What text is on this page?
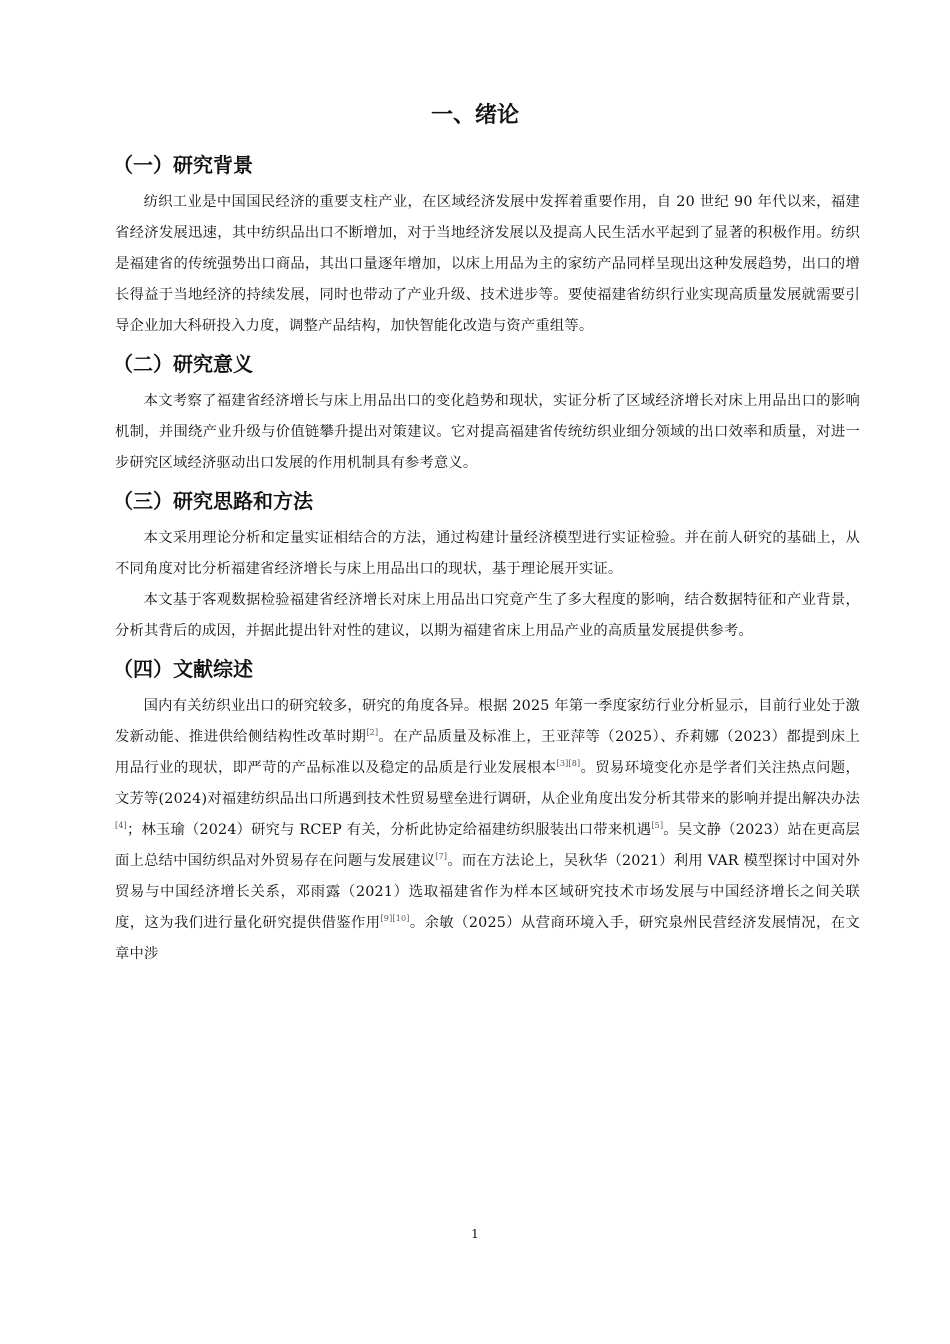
一、绪论
（一）研究背景

纺织工业是中国国民经济的重要支柱产业，在区域经济发展中发挥着重要作用，自 20 世纪 90 年代以来，福建省经济发展迅速，其中纺织品出口不断增加，对于当地经济发展以及提高人民生活水平起到了显著的积极作用。纺织是福建省的传统强势出口商品，其出口量逐年增加，以床上用品为主的家纺产品同样呈现出这种发展趋势，出口的增长得益于当地经济的持续发展，同时也带动了产业升级、技术进步等。要使福建省纺织行业实现高质量发展就需要引导企业加大科研投入力度，调整产品结构，加快智能化改造与资产重组等。

（二）研究意义

本文考察了福建省经济增长与床上用品出口的变化趋势和现状，实证分析了区域经济增长对床上用品出口的影响机制，并围绕产业升级与价值链攀升提出对策建议。它对提高福建省传统纺织业细分领域的出口效率和质量，对进一步研究区域经济驱动出口发展的作用机制具有参考意义。

（三）研究思路和方法

本文采用理论分析和定量实证相结合的方法，通过构建计量经济模型进行实证检验。并在前人研究的基础上，从不同角度对比分析福建省经济增长与床上用品出口的现状，基于理论展开实证。

本文基于客观数据检验福建省经济增长对床上用品出口究竟产生了多大程度的影响，结合数据特征和产业背景，分析其背后的成因，并据此提出针对性的建议，以期为福建省床上用品产业的高质量发展提供参考。

（四）文献综述

国内有关纺织业出口的研究较多，研究的角度各异。根据 2025 年第一季度家纺行业分析显示，目前行业处于激发新动能、推进供给侧结构性改革时期[2]。在产品质量及标准上，王亚萍等（2025）、乔莉娜（2023）都提到床上用品行业的现状，即严苛的产品标准以及稳定的品质是行业发展根本[3][8]。贸易环境变化亦是学者们关注热点问题，文芳等(2024)对福建纺织品出口所遇到技术性贸易壁垒进行调研，从企业角度出发分析其带来的影响并提出解决办法[4]；林玉瑜（2024）研究与 RCEP 有关，分析此协定给福建纺织服装出口带来机遇[5]。吴文静（2023）站在更高层面上总结中国纺织品对外贸易存在问题与发展建议[7]。而在方法论上，吴秋华（2021）利用 VAR 模型探讨中国对外贸易与中国经济增长关系，邓雨露（2021）选取福建省作为样本区域研究技术市场发展与中国经济增长之间关联度，这为我们进行量化研究提供借鉴作用[9][10]。余敏（2025）从营商环境入手，研究泉州民营经济发展情况，在文章中涉

1
